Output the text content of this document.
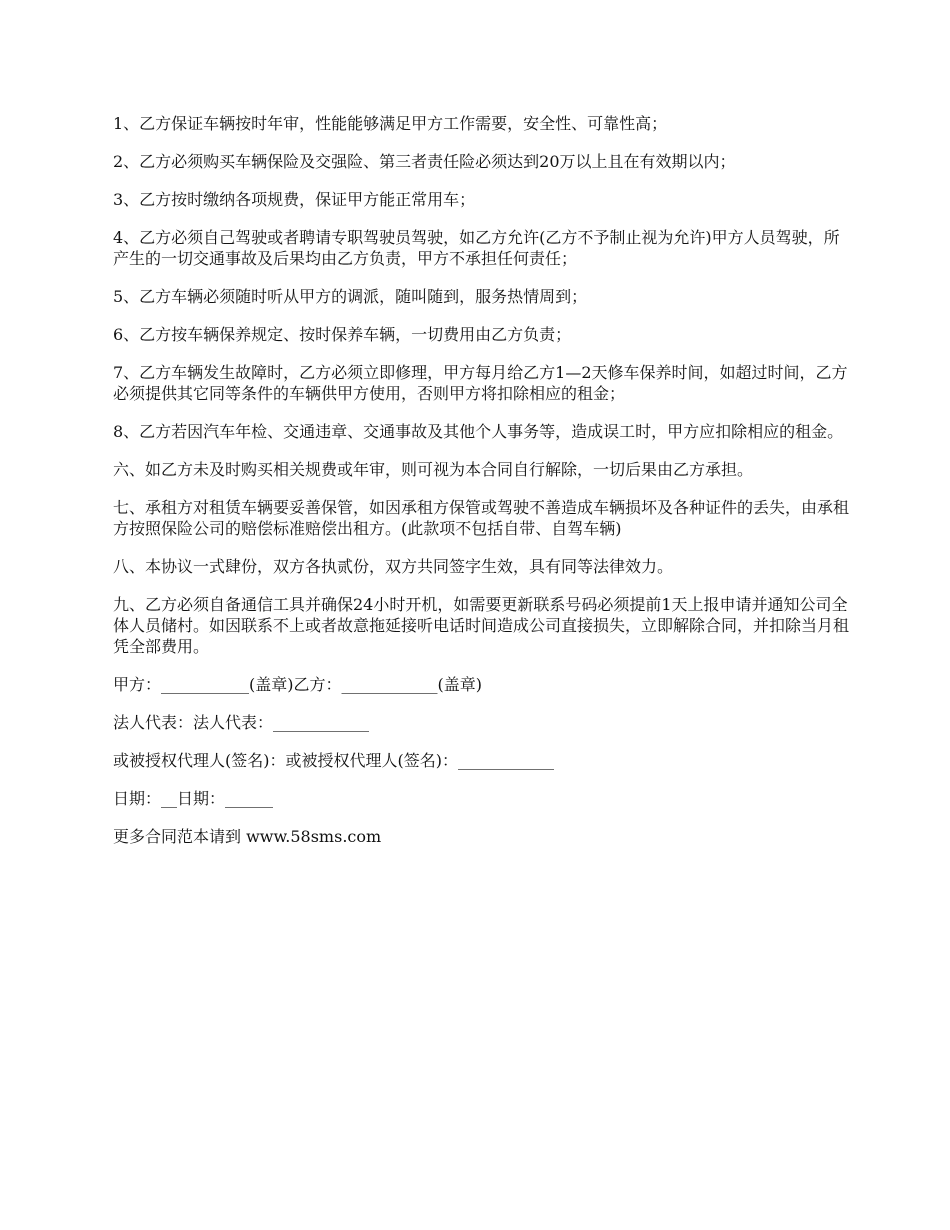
1、乙方保证车辆按时年审，性能能够满足甲方工作需要，安全性、可靠性高；

2、乙方必须购买车辆保险及交强险、第三者责任险必须达到20万以上且在有效期以内；

3、乙方按时缴纳各项规费，保证甲方能正常用车；

4、乙方必须自己驾驶或者聘请专职驾驶员驾驶，如乙方允许(乙方不予制止视为允许)甲方人员驾驶，所产生的一切交通事故及后果均由乙方负责，甲方不承担任何责任；

5、乙方车辆必须随时听从甲方的调派，随叫随到，服务热情周到；

6、乙方按车辆保养规定、按时保养车辆，一切费用由乙方负责；

7、乙方车辆发生故障时，乙方必须立即修理，甲方每月给乙方1—2天修车保养时间，如超过时间，乙方必须提供其它同等条件的车辆供甲方使用，否则甲方将扣除相应的租金；

8、乙方若因汽车年检、交通违章、交通事故及其他个人事务等，造成误工时，甲方应扣除相应的租金。

六、如乙方未及时购买相关规费或年审，则可视为本合同自行解除，一切后果由乙方承担。

七、承租方对租赁车辆要妥善保管，如因承租方保管或驾驶不善造成车辆损坏及各种证件的丢失，由承租方按照保险公司的赔偿标准赔偿出租方。(此款项不包括自带、自驾车辆)

八、本协议一式肆份，双方各执贰份，双方共同签字生效，具有同等法律效力。

九、乙方必须自备通信工具并确保24小时开机，如需要更新联系号码必须提前1天上报申请并通知公司全体人员储村。如因联系不上或者故意拖延接听电话时间造成公司直接损失，立即解除合同，并扣除当月租凭全部费用。

甲方：___________(盖章)乙方：____________(盖章)

法人代表：法人代表：____________

或被授权代理人(签名)：或被授权代理人(签名)：____________

日期：__日期：______

更多合同范本请到 www.58sms.com
